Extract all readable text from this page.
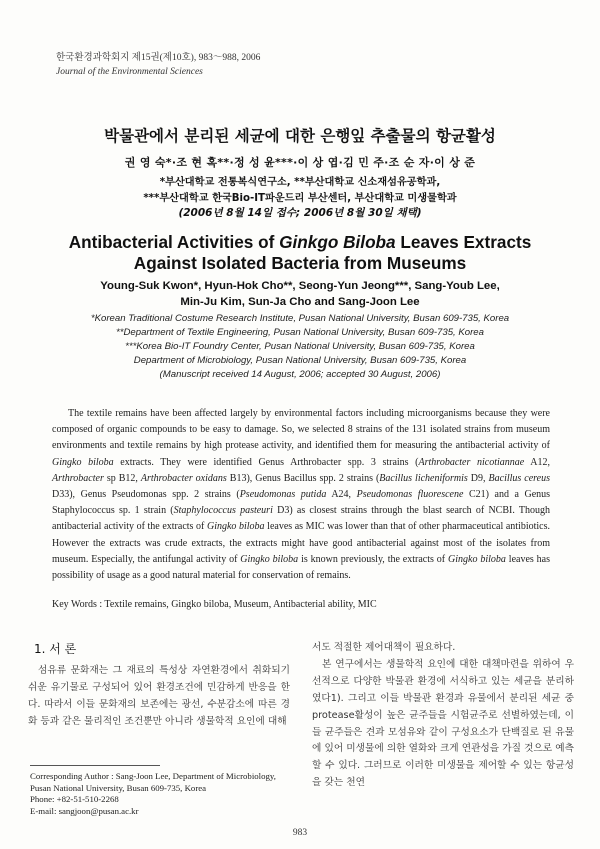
한국환경과학회지 제15권(제10호), 983～988, 2006
Journal of the Environmental Sciences
박물관에서 분리된 세균에 대한 은행잎 추출물의 항균활성
권 영 숙*·조 현 혹**·정 성 윤***·이 상 엽·김 민 주·조 순 자·이 상 준
*부산대학교 전통복식연구소, **부산대학교 신소재섬유공학과,
***부산대학교 한국Bio-IT파운드리 부산센터, 부산대학교 미생물학과
(2006년 8월 14일 접수; 2006년 8월 30일 채택)
Antibacterial Activities of Ginkgo Biloba Leaves Extracts
Against Isolated Bacteria from Museums
Young-Suk Kwon*, Hyun-Hok Cho**, Seong-Yun Jeong***, Sang-Youb Lee,
Min-Ju Kim, Sun-Ja Cho and Sang-Joon Lee
*Korean Traditional Costume Research Institute, Pusan National University, Busan 609-735, Korea
**Department of Textile Engineering, Pusan National University, Busan 609-735, Korea
***Korea Bio-IT Foundry Center, Pusan National University, Busan 609-735, Korea
Department of Microbiology, Pusan National University, Busan 609-735, Korea
(Manuscript received 14 August, 2006; accepted 30 August, 2006)

The textile remains have been affected largely by environmental factors including microorganisms because they were composed of organic compounds to be easy to damage. So, we selected 8 strains of the 131 isolated strains from museum environments and textile remains by high protease activity, and identified them for measuring the antibacterial activity of Gingko biloba extracts. They were identified Genus Arthrobacter spp. 3 strains (Arthrobacter nicotiannae A12, Arthrobacter sp B12, Arthrobacter oxidans B13), Genus Bacillus spp. 2 strains (Bacillus licheniformis D9, Bacillus cereus D33), Genus Pseudomonas spp. 2 strains (Pseudomonas putida A24, Pseudomonas fluorescene C21) and a Genus Staphylococcus sp. 1 strain (Staphylococcus pasteuri D3) as closest strains through the blast search of NCBI. Though antibacterial activity of the extracts of Gingko biloba leaves as MIC was lower than that of other pharmaceutical antibiotics. However the extracts was crude extracts, the extracts might have good antibacterial against most of the isolates from museum. Especially, the antifungal activity of Gingko biloba is known previously, the extracts of Gingko biloba leaves has possibility of usage as a good natural material for conservation of remains.

Key Words : Textile remains, Gingko biloba, Museum, Antibacterial ability, MIC
1. 서 론

섬유류 문화재는 그 재료의 특성상 자연환경에서 취화되기 쉬운 유기물로 구성되어 있어 환경조건에 민감하게 반응을 한다. 따라서 이들 문화재의 보존에는 광선, 수분감소에 따른 경화 등과 같은 물리적인 조건뿐만 아니라 생물학적 요인에 대해

서도 적절한 제어대책이 필요하다.

본 연구에서는 생물학적 요인에 대한 대책마련을 위하여 우선적으로 다양한 박물관 환경에 서식하고 있는 세균을 분리하였다1). 그리고 이들 박물관 환경과 유물에서 분리된 세균 중 protease활성이 높은 균주들을 시험균주로 선별하였는데, 이들 균주들은 견과 모섬유와 같이 구성요소가 단백질로 된 유물에 있어 미생물에 의한 열화와 크게 연관성을 가질 것으로 예측할 수 있다. 그러므로 이러한 미생물을 제어할 수 있는 항균성을 갖는 천연

Corresponding Author : Sang-Joon Lee, Department of Microbiology, Pusan National University, Busan 609-735, Korea
Phone: +82-51-510-2268
E-mail: sangjoon@pusan.ac.kr
983
